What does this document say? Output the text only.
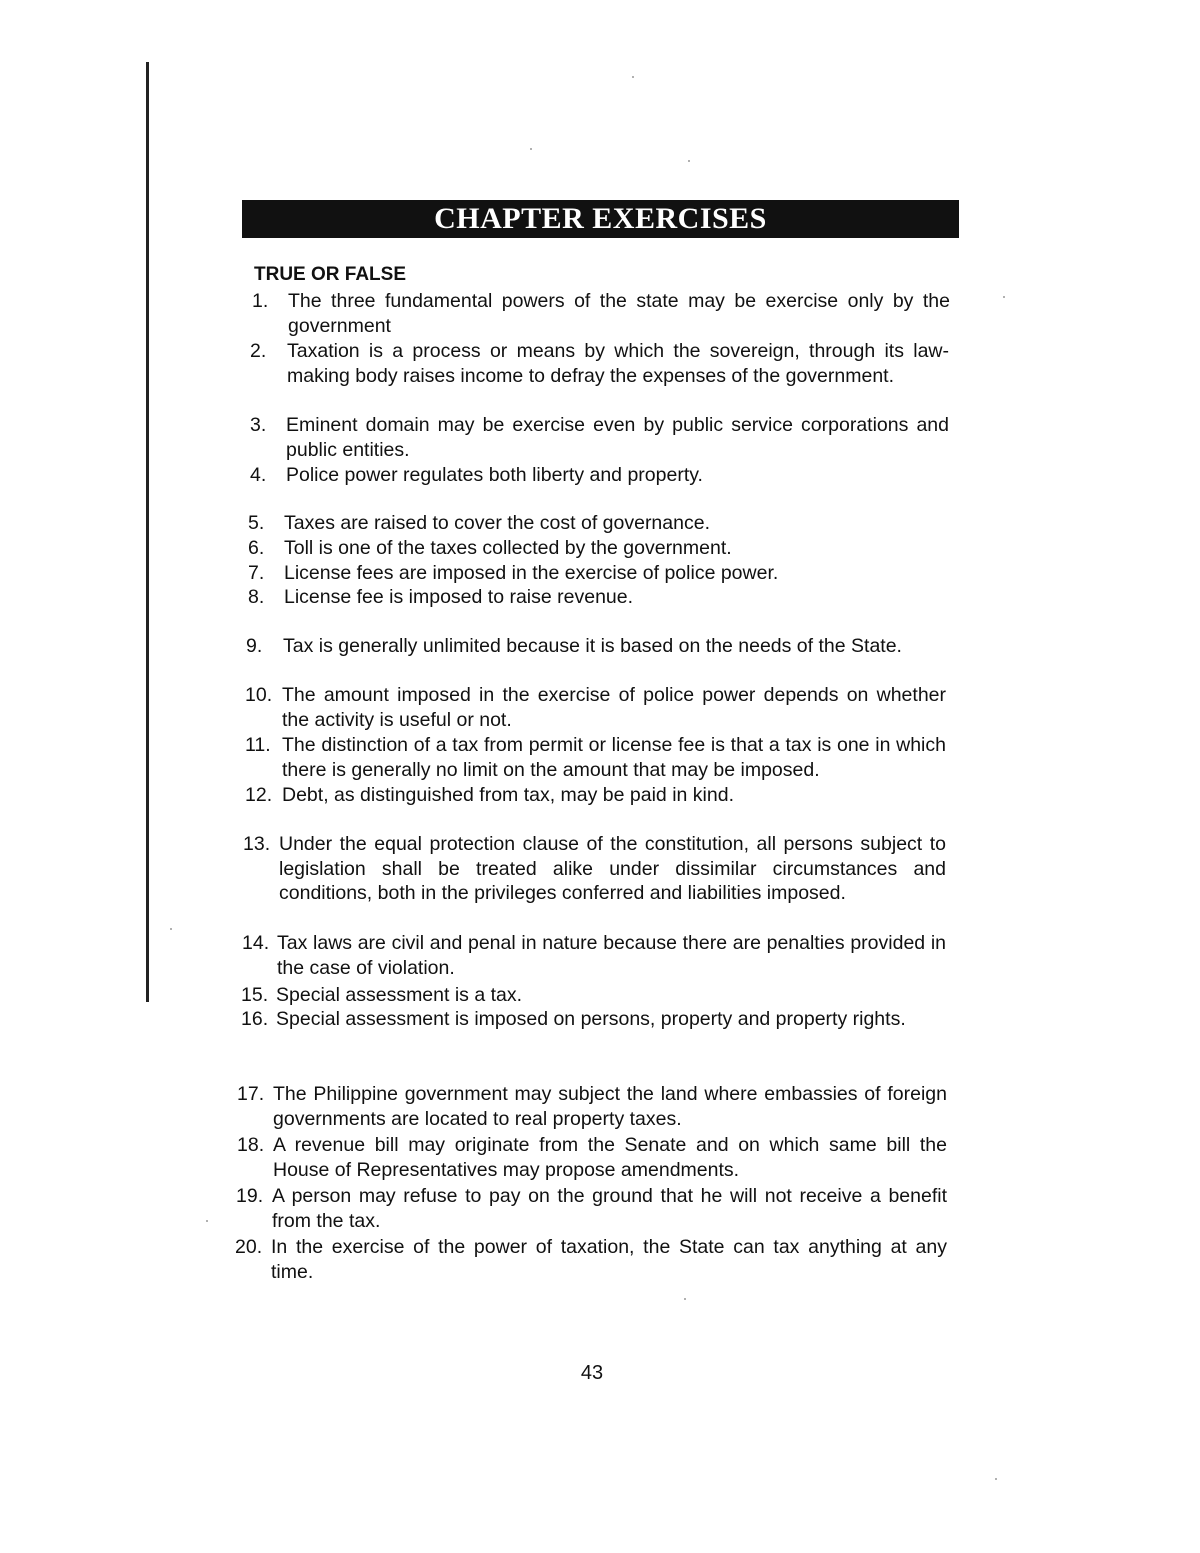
CHAPTER EXERCISES
TRUE OR FALSE
1.	The three fundamental powers of the state may be exercise only by the government
2.	Taxation is a process or means by which the sovereign, through its law-making body raises income to defray the expenses of the government.
3.	Eminent domain may be exercise even by public service corporations and public entities.
4.	Police power regulates both liberty and property.
5.	Taxes are raised to cover the cost of governance.
6.	Toll is one of the taxes collected by the government.
7.	License fees are imposed in the exercise of police power.
8.	License fee is imposed to raise revenue.
9.	Tax is generally unlimited because it is based on the needs of the State.
10. The amount imposed in the exercise of police power depends on whether the activity is useful or not.
11. The distinction of a tax from permit or license fee is that a tax is one in which there is generally no limit on the amount that may be imposed.
12. Debt, as distinguished from tax, may be paid in kind.
13. Under the equal protection clause of the constitution, all persons subject to legislation shall be treated alike under dissimilar circumstances and conditions, both in the privileges conferred and liabilities imposed.
14. Tax laws are civil and penal in nature because there are penalties provided in the case of violation.
15. Special assessment is a tax.
16. Special assessment is imposed on persons, property and property rights.
17. The Philippine government may subject the land where embassies of foreign governments are located to real property taxes.
18. A revenue bill may originate from the Senate and on which same bill the House of Representatives may propose amendments.
19. A person may refuse to pay on the ground that he will not receive a benefit from the tax.
20. In the exercise of the power of taxation, the State can tax anything at any time.
43
